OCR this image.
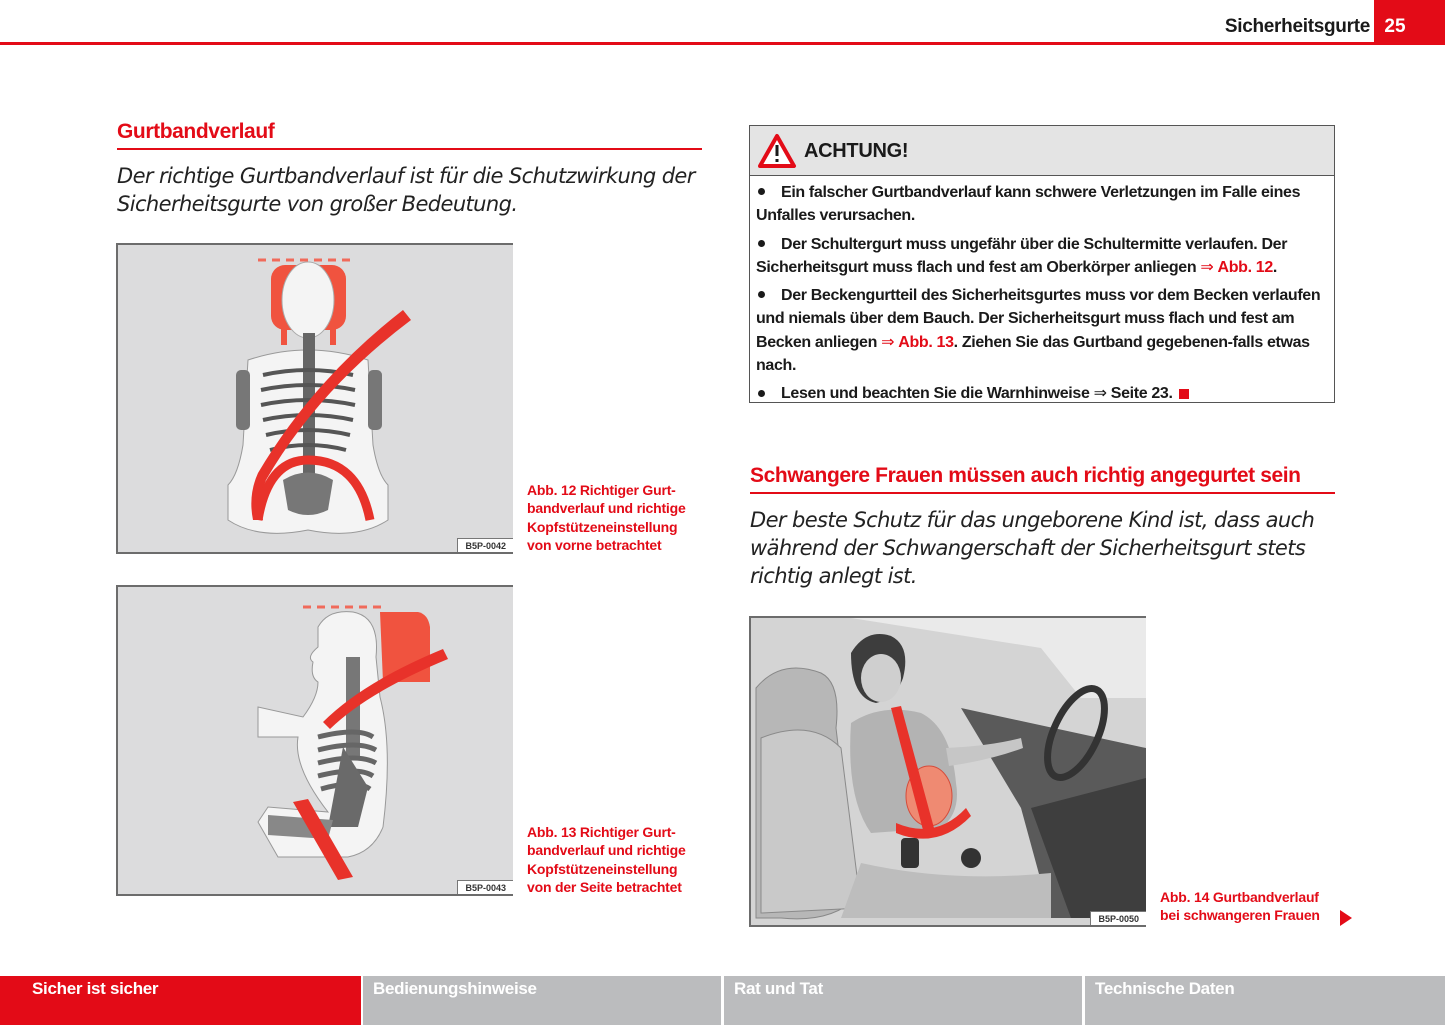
Sicherheitsgurte 25
Gurtbandverlauf
Der richtige Gurtbandverlauf ist für die Schutzwirkung der Sicherheitsgurte von großer Bedeutung.
B5P-0042
Abb. 12 Richtiger Gurt-
bandverlauf und richtige
Kopfstützeneinstellung
von vorne betrachtet
B5P-0043
Abb. 13 Richtiger Gurt-
bandverlauf und richtige
Kopfstützeneinstellung
von der Seite betrachtet
ACHTUNG!

Ein falscher Gurtbandverlauf kann schwere Verletzungen im Falle eines Unfalles verursachen.

Der Schultergurt muss ungefähr über die Schultermitte verlaufen. Der Sicherheitsgurt muss flach und fest am Oberkörper anliegen ⇒ Abb. 12.

Der Beckengurtteil des Sicherheitsgurtes muss vor dem Becken verlaufen und niemals über dem Bauch. Der Sicherheitsgurt muss flach und fest am Becken anliegen ⇒ Abb. 13. Ziehen Sie das Gurtband gegebenen-falls etwas nach.

Lesen und beachten Sie die Warnhinweise ⇒ Seite 23.

Schwangere Frauen müssen auch richtig angegurtet sein
Der beste Schutz für das ungeborene Kind ist, dass auch während der Schwangerschaft der Sicherheitsgurt stets richtig anlegt ist.
B5P-0050
Abb. 14 Gurtbandverlauf
bei schwangeren Frauen
Sicher ist sicher	Bedienungshinweise	Rat und Tat	Technische Daten
